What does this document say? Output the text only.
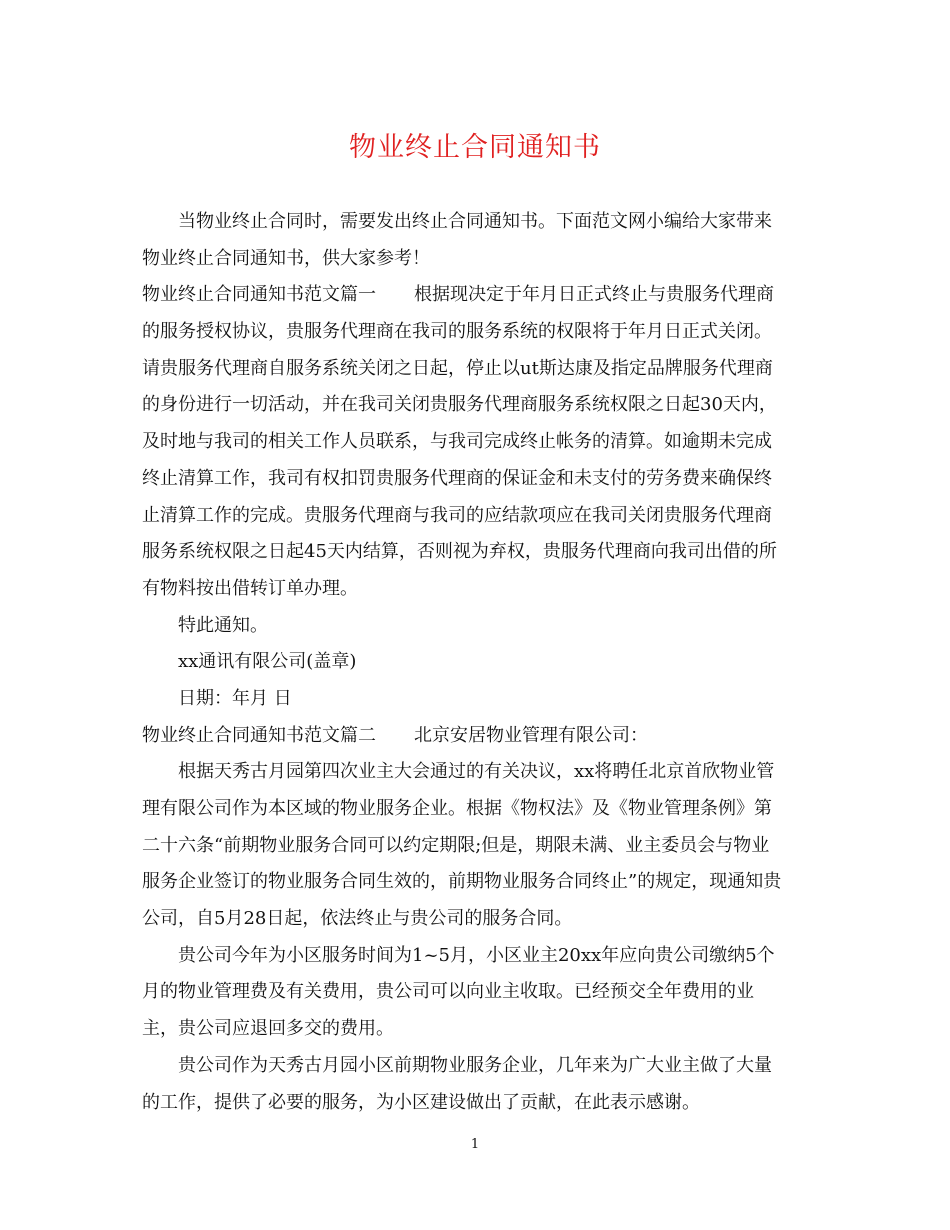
物业终止合同通知书
当物业终止合同时，需要发出终止合同通知书。下面范文网小编给大家带来
物业终止合同通知书，供大家参考！
物业终止合同通知书范文篇一 根据现决定于年月日正式终止与贵服务代理商
的服务授权协议，贵服务代理商在我司的服务系统的权限将于年月日正式关闭。
请贵服务代理商自服务系统关闭之日起，停止以ut斯达康及指定品牌服务代理商
的身份进行一切活动，并在我司关闭贵服务代理商服务系统权限之日起30天内，
及时地与我司的相关工作人员联系，与我司完成终止帐务的清算。如逾期未完成
终止清算工作，我司有权扣罚贵服务代理商的保证金和未支付的劳务费来确保终
止清算工作的完成。贵服务代理商与我司的应结款项应在我司关闭贵服务代理商
服务系统权限之日起45天内结算，否则视为弃权，贵服务代理商向我司出借的所
有物料按出借转订单办理。
特此通知。
xx通讯有限公司(盖章)
日期：年月 日
物业终止合同通知书范文篇二 北京安居物业管理有限公司：
根据天秀古月园第四次业主大会通过的有关决议，xx将聘任北京首欣物业管
理有限公司作为本区域的物业服务企业。根据《物权法》及《物业管理条例》第
二十六条“前期物业服务合同可以约定期限;但是，期限未满、业主委员会与物业
服务企业签订的物业服务合同生效的，前期物业服务合同终止”的规定，现通知贵
公司，自5月28日起，依法终止与贵公司的服务合同。
贵公司今年为小区服务时间为1~5月，小区业主20xx年应向贵公司缴纳5个
月的物业管理费及有关费用，贵公司可以向业主收取。已经预交全年费用的业
主，贵公司应退回多交的费用。
贵公司作为天秀古月园小区前期物业服务企业，几年来为广大业主做了大量
的工作，提供了必要的服务，为小区建设做出了贡献，在此表示感谢。
1
